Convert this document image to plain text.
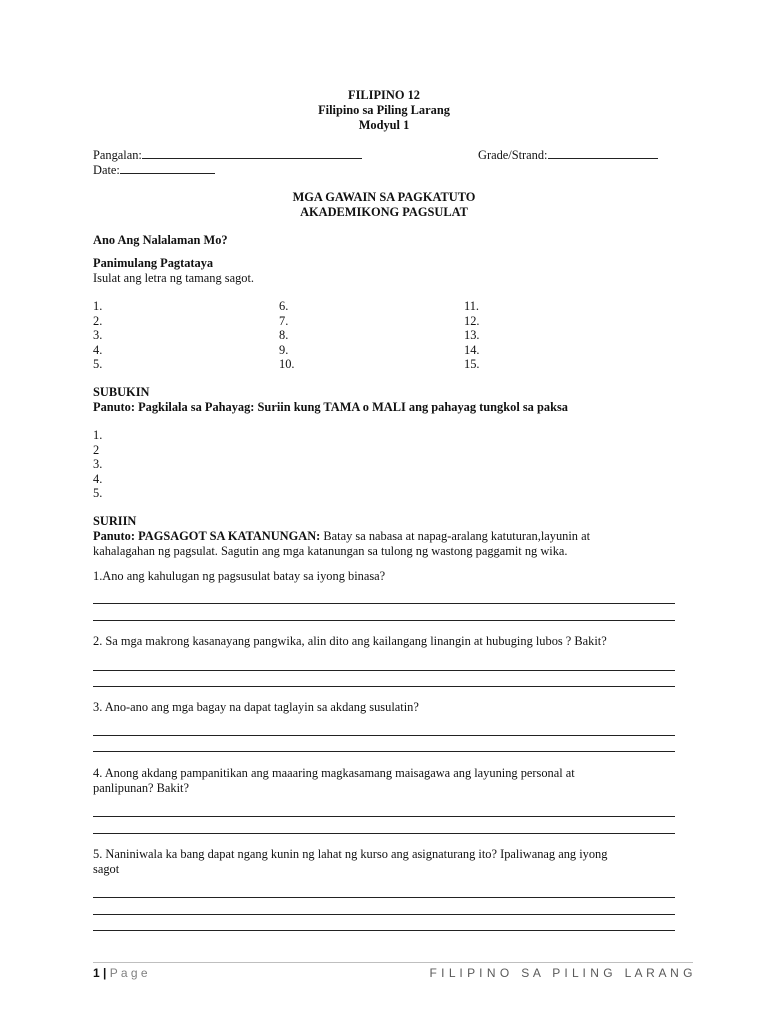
FILIPINO 12
Filipino sa Piling Larang
Modyul 1
Pangalan:	Grade/Strand:
Date:
MGA GAWAIN SA PAGKATUTO
AKADEMIKONG PAGSULAT
Ano Ang Nalalaman Mo?
Panimulang Pagtataya
Isulat ang letra ng tamang sagot.
1.
2.
3.
4.
5.
6.
7.
8.
9.
10.
11.
12.
13.
14.
15.
SUBUKIN
Panuto: Pagkilala sa Pahayag: Suriin kung TAMA o MALI ang pahayag tungkol sa paksa
1.
2
3.
4.
5.
SURIIN
Panuto: PAGSAGOT SA KATANUNGAN: Batay sa nabasa at napag-aralang katuturan,layunin at
kahalagahan ng pagsulat. Sagutin ang mga katanungan sa tulong ng wastong paggamit ng wika.
1.Ano ang kahulugan ng pagsusulat batay sa iyong binasa?
2. Sa mga makrong kasanayang pangwika, alin dito ang kailangang linangin at hubuging lubos ? Bakit?
3. Ano-ano ang mga bagay na dapat taglayin sa akdang susulatin?
4. Anong akdang pampanitikan ang maaaring magkasamang maisagawa ang layuning personal at
panlipunan? Bakit?
5. Naniniwala ka bang dapat ngang kunin ng lahat ng kurso ang asignaturang ito? Ipaliwanag ang iyong
sagot
1 | P a g e	F I L I P I N O   S A   P I L I N G   L A R A N G
